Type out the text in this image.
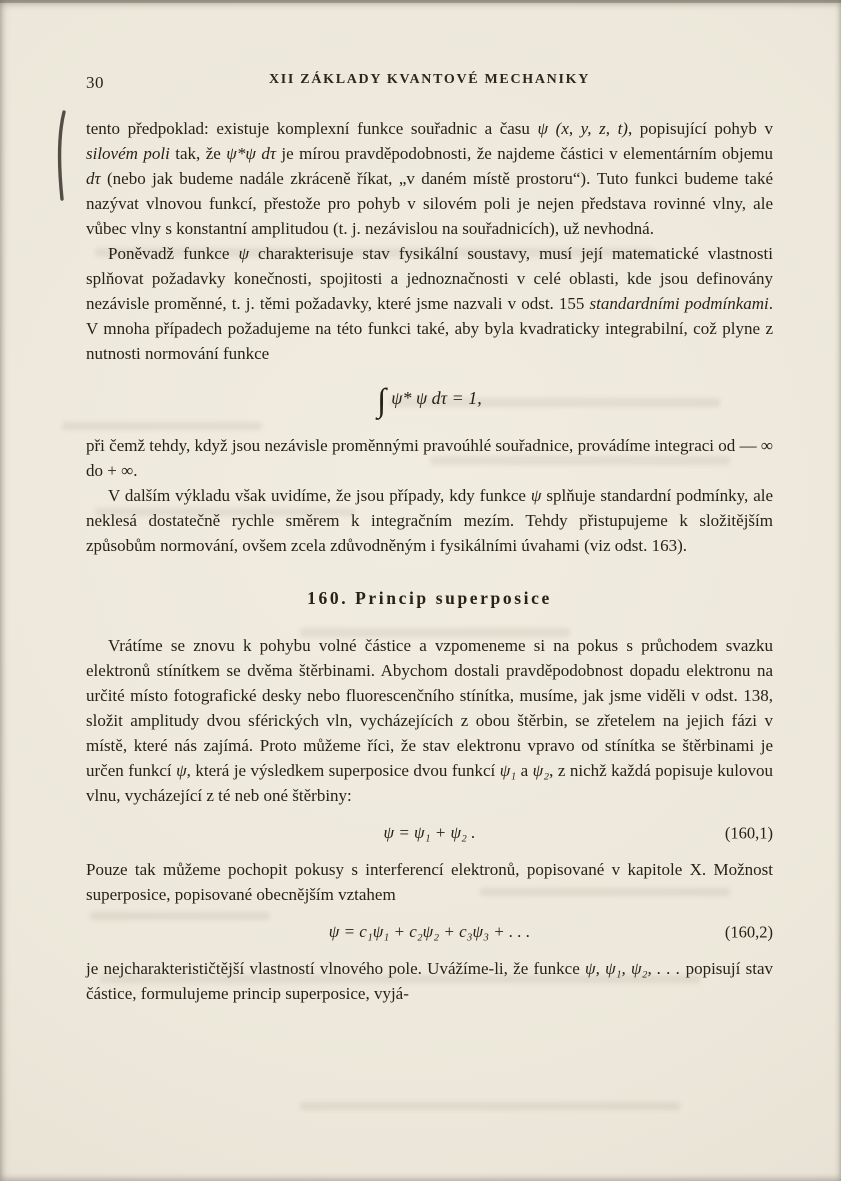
30	XII ZÁKLADY KVANTOVÉ MECHANIKY

tento předpoklad: existuje komplexní funkce souřadnic a času ψ (x, y, z, t), popisující pohyb v silovém poli tak, že ψ*ψ dτ je mírou pravděpodobnosti, že najdeme částici v elementárním objemu dτ (nebo jak budeme nadále zkráceně říkat, „v daném místě prostoru“). Tuto funkci budeme také nazývat vlnovou funkcí, přestože pro pohyb v silovém poli je nejen představa rovinné vlny, ale vůbec vlny s konstantní amplitudou (t. j. nezávislou na souřadnicích), už nevhodná.

Poněvadž funkce ψ charakterisuje stav fysikální soustavy, musí její matematické vlastnosti splňovat požadavky konečnosti, spojitosti a jednoznačnosti v celé oblasti, kde jsou definovány nezávisle proměnné, t. j. těmi požadavky, které jsme nazvali v odst. 155 standardními podmínkami. V mnoha případech požadujeme na této funkci také, aby byla kvadraticky integrabilní, což plyne z nutnosti normování funkce

∫ ψ* ψ dτ = 1,

při čemž tehdy, když jsou nezávisle proměnnými pravoúhlé souřadnice, provádíme integraci od — ∞ do + ∞.

V dalším výkladu však uvidíme, že jsou případy, kdy funkce ψ splňuje standardní podmínky, ale neklesá dostatečně rychle směrem k integračním mezím. Tehdy přistupujeme k složitějším způsobům normování, ovšem zcela zdůvodněným i fysikálními úvahami (viz odst. 163).

160. Princip superposice

Vrátíme se znovu k pohybu volné částice a vzpomeneme si na pokus s průchodem svazku elektronů stínítkem se dvěma štěrbinami. Abychom dostali pravděpodobnost dopadu elektronu na určité místo fotografické desky nebo fluorescenčního stínítka, musíme, jak jsme viděli v odst. 138, složit amplitudy dvou sférických vln, vycházejících z obou štěrbin, se zřetelem na jejich fázi v místě, které nás zajímá. Proto můžeme říci, že stav elektronu vpravo od stínítka se štěrbinami je určen funkcí ψ, která je výsledkem superposice dvou funkcí ψ₁ a ψ₂, z nichž každá popisuje kulovou vlnu, vycházející z té neb oné štěrbiny:

ψ = ψ₁ + ψ₂ .	(160,1)

Pouze tak můžeme pochopit pokusy s interferencí elektronů, popisované v kapitole X. Možnost superposice, popisované obecnějším vztahem

ψ = c₁ψ₁ + c₂ψ₂ + c₃ψ₃ + . . .	(160,2)

je nejcharakterističtější vlastností vlnového pole. Uvážíme-li, že funkce ψ, ψ₁, ψ₂, . . . popisují stav částice, formulujeme princip superposice, vyjá-
